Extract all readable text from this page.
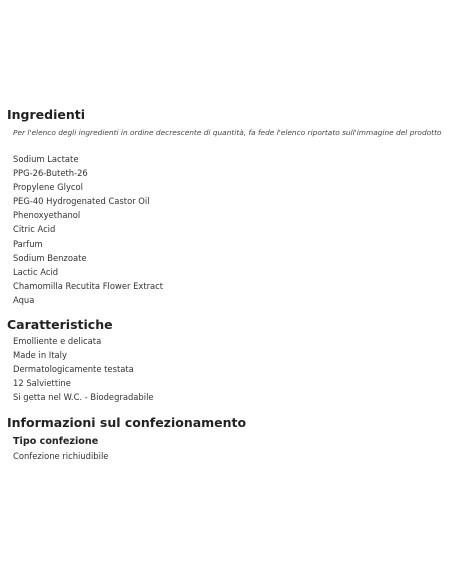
Ingredienti

Per l'elenco degli ingredienti in ordine decrescente di quantità, fa fede l'elenco riportato sull'immagine del prodotto

Sodium Lactate
PPG-26-Buteth-26
Propylene Glycol
PEG-40 Hydrogenated Castor Oil
Phenoxyethanol
Citric Acid
Parfum
Sodium Benzoate
Lactic Acid
Chamomilla Recutita Flower Extract
Aqua
Caratteristiche
Emolliente e delicata
Made in Italy
Dermatologicamente testata
12 Salviettine
Si getta nel W.C. - Biodegradabile
Informazioni sul confezionamento
Tipo confezione

Confezione richiudibile
